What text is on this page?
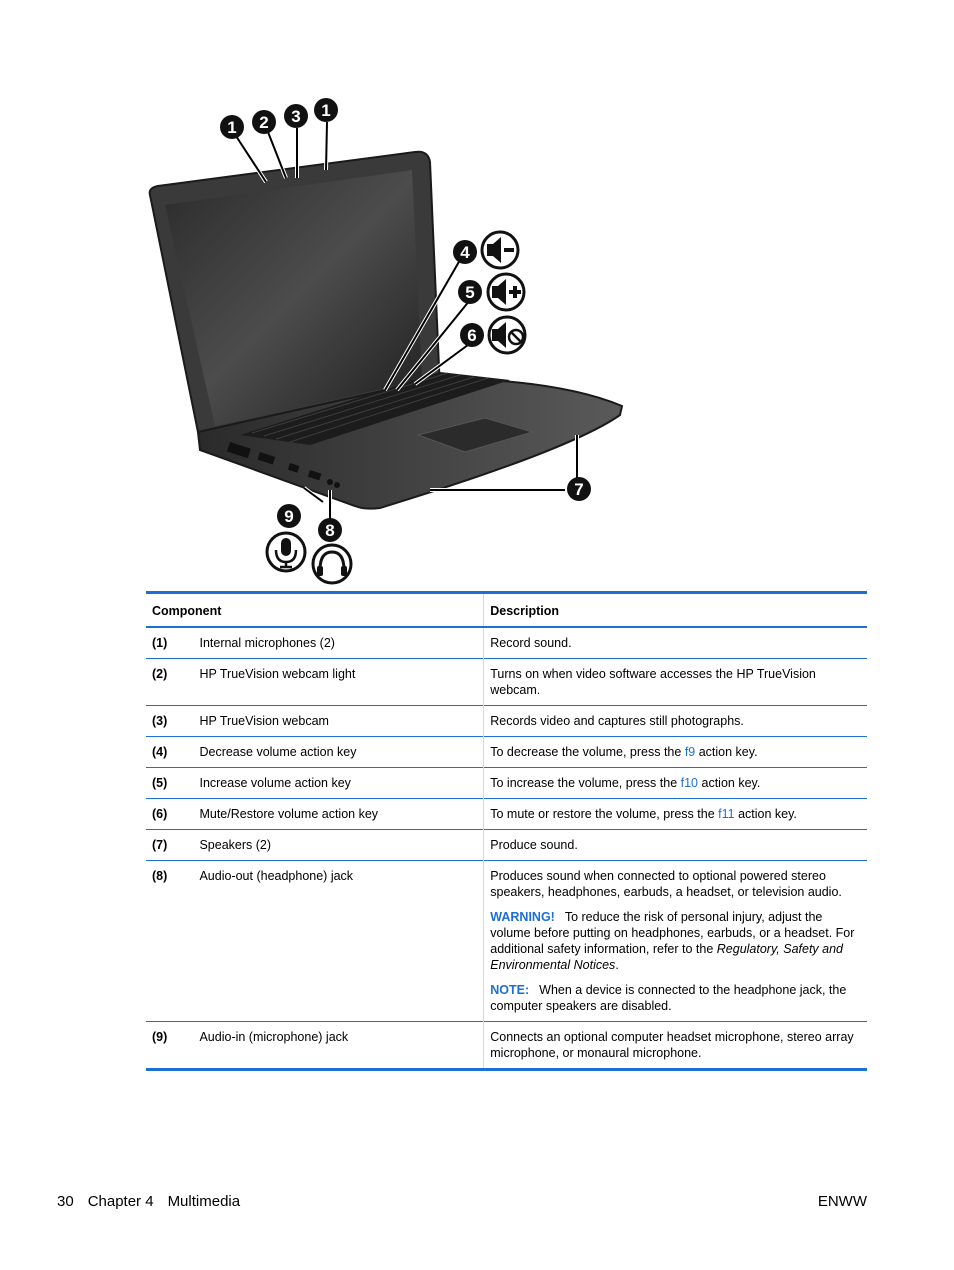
1 2 3 1
4
5
6
7
9
8
Component		Description
(1)	Internal microphones (2)	Record sound.
(2)	HP TrueVision webcam light	Turns on when video software accesses the HP TrueVision webcam.
(3)	HP TrueVision webcam	Records video and captures still photographs.
(4)	Decrease volume action key	To decrease the volume, press the f9 action key.
(5)	Increase volume action key	To increase the volume, press the f10 action key.
(6)	Mute/Restore volume action key	To mute or restore the volume, press the f11 action key.
(7)	Speakers (2)	Produce sound.
(8)	Audio-out (headphone) jack	Produces sound when connected to optional powered stereo speakers, headphones, earbuds, a headset, or television audio.

WARNING! To reduce the risk of personal injury, adjust the volume before putting on headphones, earbuds, or a headset. For additional safety information, refer to the Regulatory, Safety and Environmental Notices.

NOTE: When a device is connected to the headphone jack, the computer speakers are disabled.

(9)	Audio-in (microphone) jack	Connects an optional computer headset microphone, stereo array microphone, or monaural microphone.
30 Chapter 4 Multimedia	ENWW
